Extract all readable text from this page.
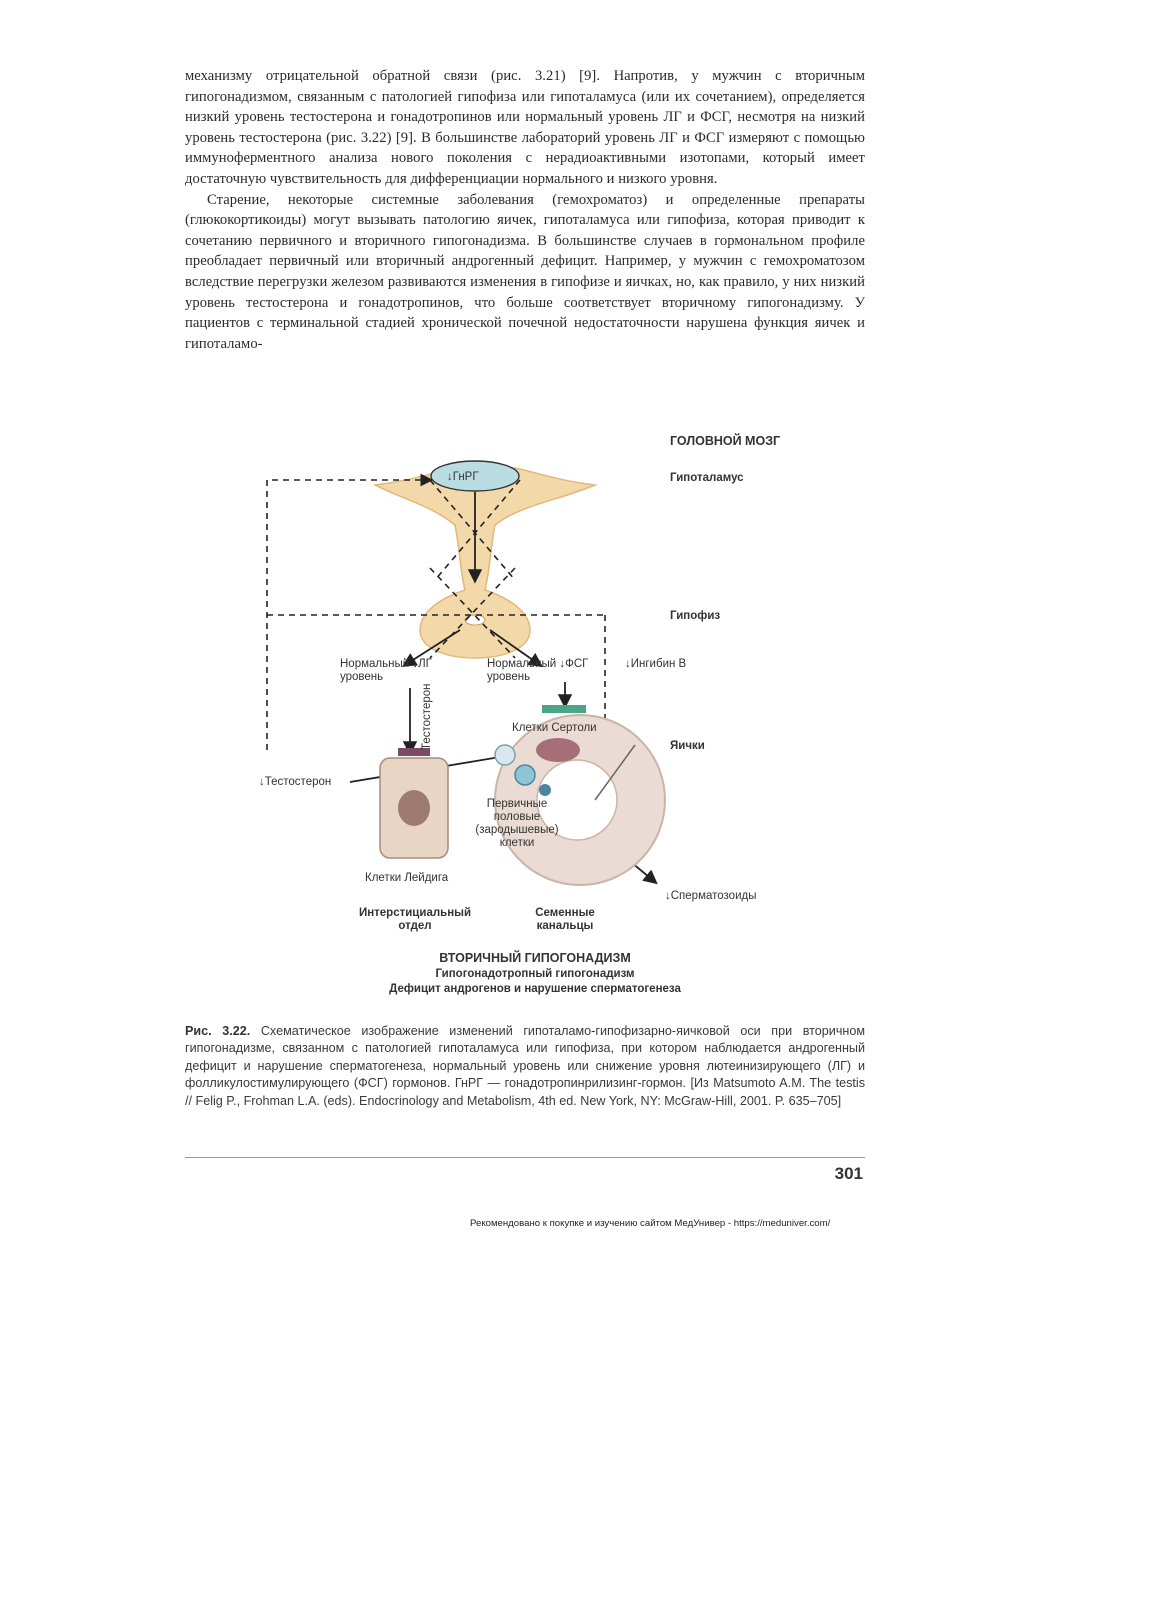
механизму отрицательной обратной связи (рис. 3.21) [9]. Напротив, у мужчин с вторичным гипогонадизмом, связанным с патологией гипофиза или гипоталамуса (или их сочетанием), определяется низкий уровень тестостерона и гонадотропинов или нормальный уровень ЛГ и ФСГ, несмотря на низкий уровень тестостерона (рис. 3.22) [9]. В большинстве лабораторий уровень ЛГ и ФСГ измеряют с помощью иммуноферментного анализа нового поколения с нерадиоактивными изотопами, который имеет достаточную чувствительность для дифференциации нормального и низкого уровня.

Старение, некоторые системные заболевания (гемохроматоз) и определенные препараты (глюкокортикоиды) могут вызывать патологию яичек, гипоталамуса или гипофиза, которая приводит к сочетанию первичного и вторичного гипогонадизма. В большинстве случаев в гормональном профиле преобладает первичный или вторичный андрогенный дефицит. Например, у мужчин с гемохроматозом вследствие перегрузки железом развиваются изменения в гипофизе и яичках, но, как правило, у них низкий уровень тестостерона и гонадотропинов, что больше соответствует вторичному гипогонадизму. У пациентов с терминальной стадией хронической почечной недостаточности нарушена функция яичек и гипоталамо-

ГОЛОВНОЙ МОЗГ
Гипоталамус
↓ГнРГ
Гипофиз
Нормальный ↓ЛГ
уровень
Нормальный ↓ФСГ
уровень
↓Ингибин В
Тестостерон	Клетки Сертоли
Яички
↓Тестостерон
Первичные
половые
(зародышевые)
клетки
Клетки Лейдига
↓Сперматозоиды
Интерстициальный
отдел
Семенные
канальцы
ВТОРИЧНЫЙ ГИПОГОНАДИЗМ
Гипогонадотропный гипогонадизм
Дефицит андрогенов и нарушение сперматогенеза
Рис. 3.22. Схематическое изображение изменений гипоталамо-гипофизарно-яичковой оси при вторичном гипогонадизме, связанном с патологией гипоталамуса или гипофиза, при котором наблюдается андрогенный дефицит и нарушение сперматогенеза, нормальный уровень или снижение уровня лютеинизирующего (ЛГ) и фолликулостимулирующего (ФСГ) гормонов. ГнРГ — гонадотропинрилизинг-гормон. [Из Matsumoto A.M. The testis // Felig P., Frohman L.A. (eds). Endocrinology and Metabolism, 4th ed. New York, NY: McGraw-Hill, 2001. P. 635–705]
301
Рекомендовано к покупке и изучению сайтом МедУнивер - https://meduniver.com/
